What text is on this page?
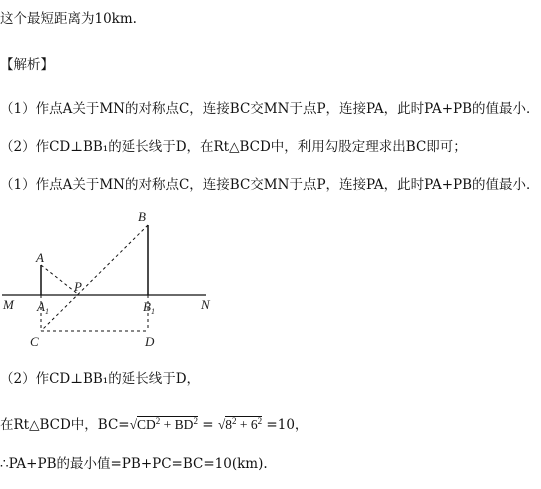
这个最短距离为10km.
【解析】
（1）作点A关于MN的对称点C，连接BC交MN于点P，连接PA，此时PA+PB的值最小．
（2）作CD⊥BB₁的延长线于D，在Rt△BCD中，利用勾股定理求出BC即可；
（1）作点A关于MN的对称点C，连接BC交MN于点P，连接PA，此时PA+PB的值最小．
A
B
C	D
P
M	N
$A_1$	$B_1$
（2）作CD⊥BB₁的延长线于D，
在Rt△BCD中，$BC=√CD^2 + BD^2 = √8^2 + 6^2 =10$，
∴PA+PB的最小值=PB+PC=BC=10(km).
